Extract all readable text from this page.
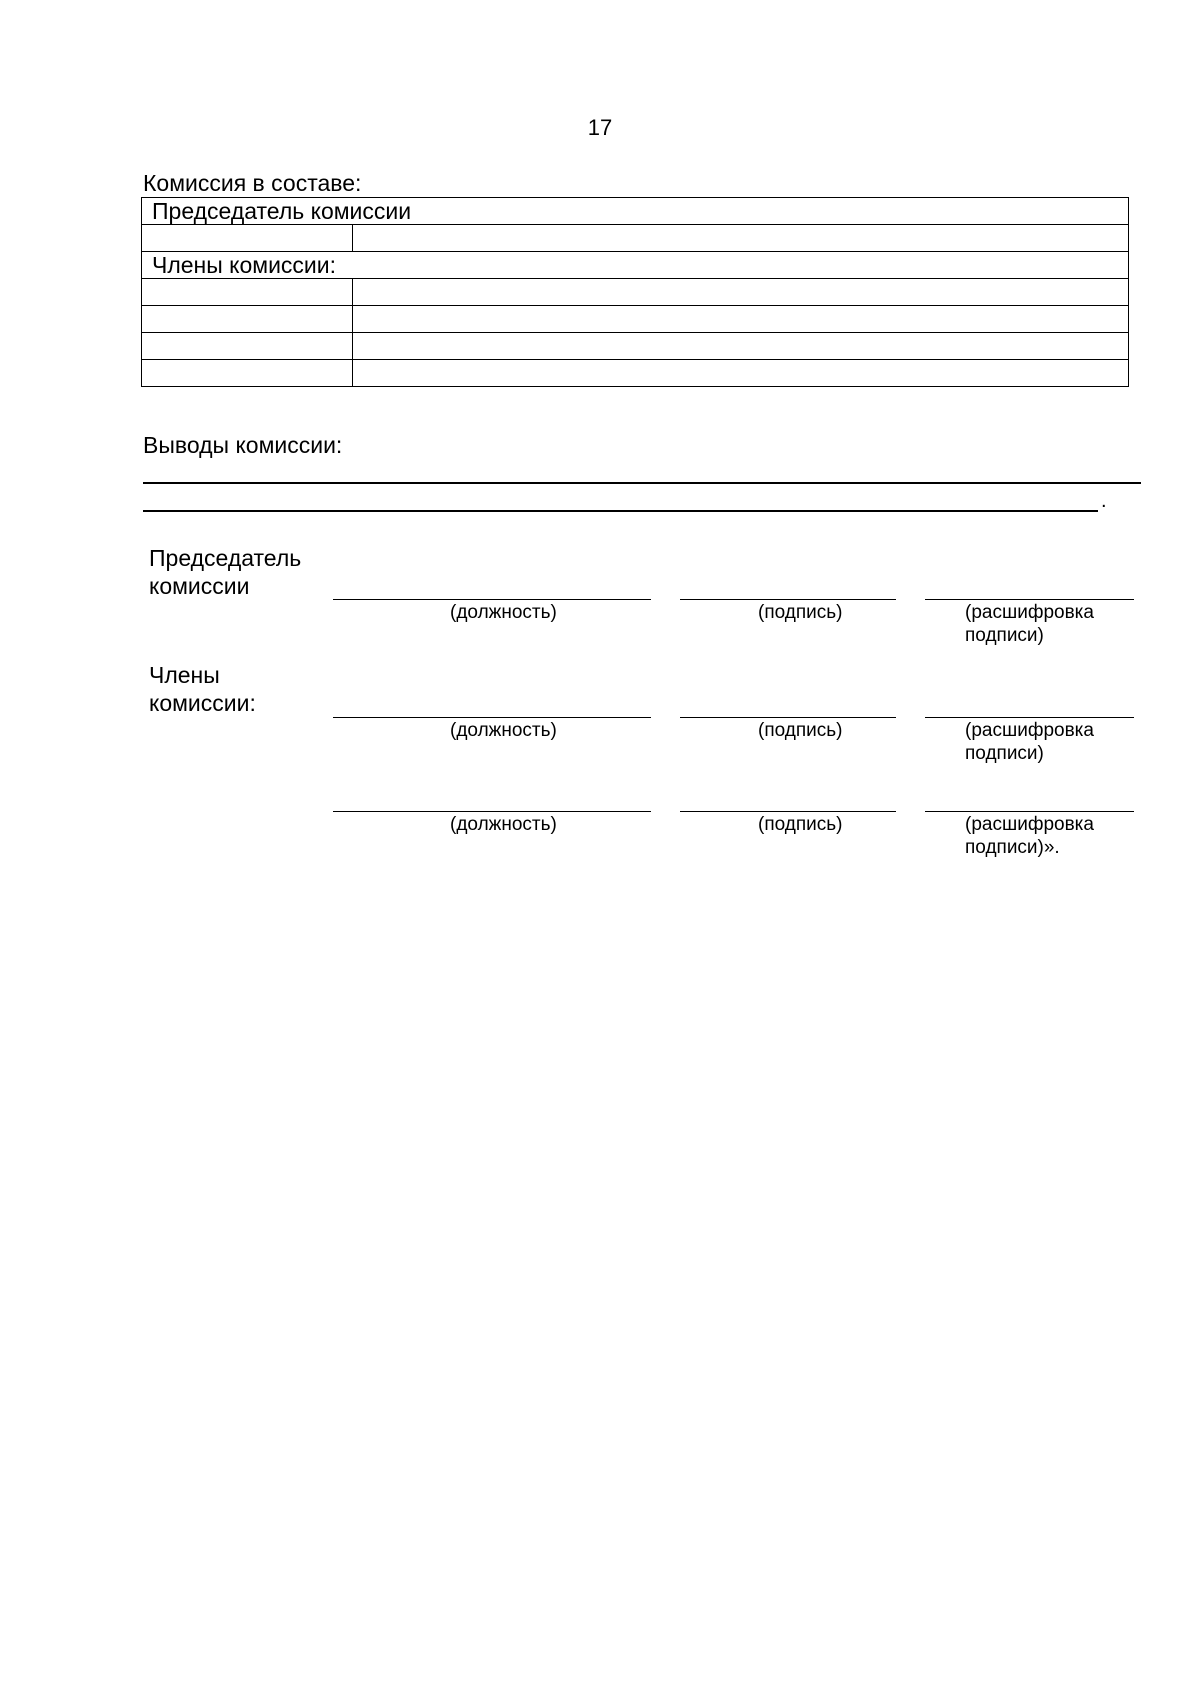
17
Комиссия в составе:
Председатель комиссии	

Члены комиссии:	

Выводы комиссии:
.
Председатель
комиссии
(должность)	(подпись)	(расшифровка
подписи)
Члены
комиссии:
(должность)	(подпись)	(расшифровка
подписи)
(должность)	(подпись)	(расшифровка
подписи)».
